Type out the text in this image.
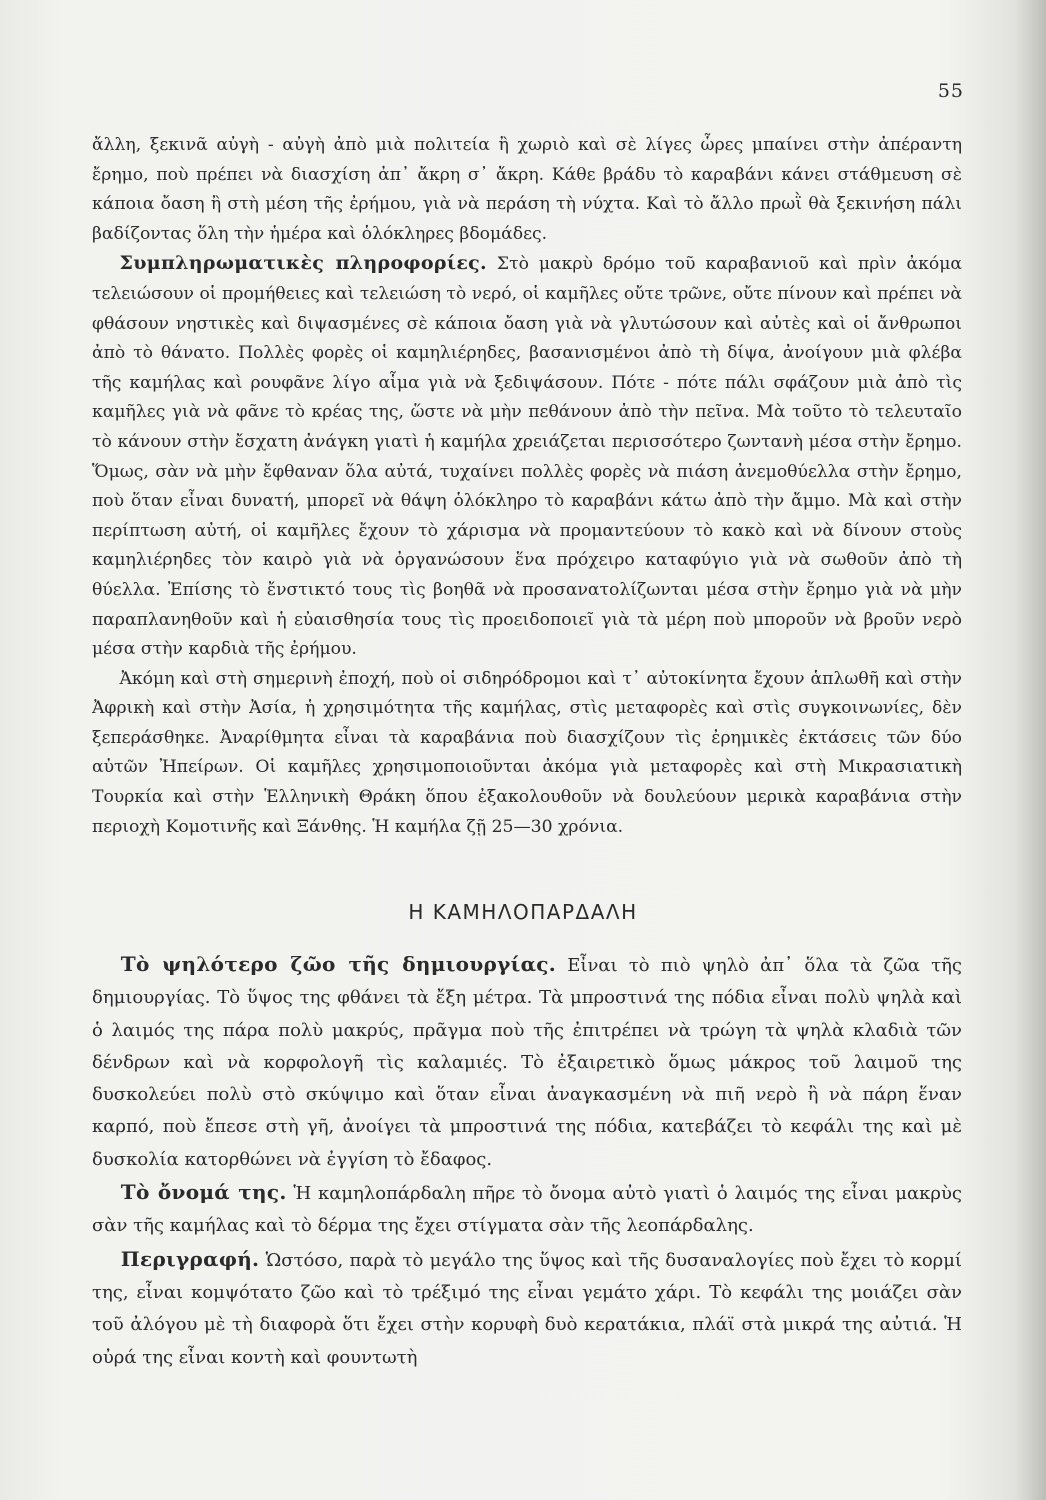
55

ἄλλη, ξεκινᾶ αὐγὴ - αὐγὴ ἀπὸ μιὰ πολιτεία ἢ χωριὸ καὶ σὲ λίγες ὧρες μπαίνει στὴν ἀπέραντη ἔρημο, ποὺ πρέπει νὰ διασχίση ἀπ᾽ ἄκρη σ᾽ ἄκρη. Κάθε βράδυ τὸ καραβάνι κάνει στάθμευση σὲ κάποια ὄαση ἢ στὴ μέση τῆς ἐρήμου, γιὰ νὰ περάση τὴ νύχτα. Καὶ τὸ ἄλλο πρωῒ θὰ ξεκινήση πάλι βαδίζοντας ὅλη τὴν ἡμέρα καὶ ὁλόκληρες βδομάδες.

Συμπληρωματικὲς πληροφορίες. Στὸ μακρὺ δρόμο τοῦ καραβανιοῦ καὶ πρὶν ἀκόμα τελειώσουν οἱ προμήθειες καὶ τελειώση τὸ νερό, οἱ καμῆλες οὔτε τρῶνε, οὔτε πίνουν καὶ πρέπει νὰ φθάσουν νηστικὲς καὶ διψασμένες σὲ κάποια ὄαση γιὰ νὰ γλυτώσουν καὶ αὐτὲς καὶ οἱ ἄνθρωποι ἀπὸ τὸ θάνατο. Πολλὲς φορὲς οἱ καμηλιέρηδες, βασανισμένοι ἀπὸ τὴ δίψα, ἀνοίγουν μιὰ φλέβα τῆς καμήλας καὶ ρουφᾶνε λίγο αἷμα γιὰ νὰ ξεδιψάσουν. Πότε - πότε πάλι σφάζουν μιὰ ἀπὸ τὶς καμῆλες γιὰ νὰ φᾶνε τὸ κρέας της, ὥστε νὰ μὴν πεθάνουν ἀπὸ τὴν πεῖνα. Μὰ τοῦτο τὸ τελευταῖο τὸ κάνουν στὴν ἔσχατη ἀνάγκη γιατὶ ἡ καμήλα χρειάζεται περισσότερο ζωντανὴ μέσα στὴν ἔρημο. Ὅμως, σὰν νὰ μὴν ἔφθαναν ὅλα αὐτά, τυχαίνει πολλὲς φορὲς νὰ πιάση ἀνεμοθύελλα στὴν ἔρημο, ποὺ ὅταν εἶναι δυνατή, μπορεῖ νὰ θάψη ὁλόκληρο τὸ καραβάνι κάτω ἀπὸ τὴν ἄμμο. Μὰ καὶ στὴν περίπτωση αὐτή, οἱ καμῆλες ἔχουν τὸ χάρισμα νὰ προμαντεύουν τὸ κακὸ καὶ νὰ δίνουν στοὺς καμηλιέρηδες τὸν καιρὸ γιὰ νὰ ὀργανώσουν ἕνα πρόχειρο καταφύγιο γιὰ νὰ σωθοῦν ἀπὸ τὴ θύελλα. Ἐπίσης τὸ ἔνστικτό τους τὶς βοηθᾶ νὰ προσανατολίζωνται μέσα στὴν ἔρημο γιὰ νὰ μὴν παραπλανηθοῦν καὶ ἡ εὐαισθησία τους τὶς προειδοποιεῖ γιὰ τὰ μέρη ποὺ μποροῦν νὰ βροῦν νερὸ μέσα στὴν καρδιὰ τῆς ἐρήμου.

Ἀκόμη καὶ στὴ σημερινὴ ἐποχή, ποὺ οἱ σιδηρόδρομοι καὶ τ᾽ αὐτοκίνητα ἔχουν ἁπλωθῆ καὶ στὴν Ἀφρικὴ καὶ στὴν Ἀσία, ἡ χρησιμότητα τῆς καμήλας, στὶς μεταφορὲς καὶ στὶς συγκοινωνίες, δὲν ξεπεράσθηκε. Ἀναρίθμητα εἶναι τὰ καραβάνια ποὺ διασχίζουν τὶς ἐρημικὲς ἐκτάσεις τῶν δύο αὐτῶν Ἠπείρων. Οἱ καμῆλες χρησιμοποιοῦνται ἀκόμα γιὰ μεταφορὲς καὶ στὴ Μικρασιατικὴ Τουρκία καὶ στὴν Ἑλληνικὴ Θράκη ὅπου ἐξακολουθοῦν νὰ δουλεύουν μερικὰ καραβάνια στὴν περιοχὴ Κομοτινῆς καὶ Ξάνθης. Ἡ καμήλα ζῇ 25—30 χρόνια.

Η ΚΑΜΗΛΟΠΑΡΔΑΛΗ

Τὸ ψηλότερο ζῶο τῆς δημιουργίας. Εἶναι τὸ πιὸ ψηλὸ ἀπ᾽ ὅλα τὰ ζῶα τῆς δημιουργίας. Τὸ ὕψος της φθάνει τὰ ἔξη μέτρα. Τὰ μπροστινά της πόδια εἶναι πολὺ ψηλὰ καὶ ὁ λαιμός της πάρα πολὺ μακρύς, πρᾶγμα ποὺ τῆς ἐπιτρέπει νὰ τρώγη τὰ ψηλὰ κλαδιὰ τῶν δένδρων καὶ νὰ κορφολογῆ τὶς καλαμιές. Τὸ ἐξαιρετικὸ ὅμως μάκρος τοῦ λαιμοῦ της δυσκολεύει πολὺ στὸ σκύψιμο καὶ ὅταν εἶναι ἀναγκασμένη νὰ πιῆ νερὸ ἢ νὰ πάρη ἕναν καρπό, ποὺ ἔπεσε στὴ γῆ, ἀνοίγει τὰ μπροστινά της πόδια, κατεβάζει τὸ κεφάλι της καὶ μὲ δυσκολία κατορθώνει νὰ ἐγγίση τὸ ἔδαφος.

Τὸ ὄνομά της. Ἡ καμηλοπάρδαλη πῆρε τὸ ὄνομα αὐτὸ γιατὶ ὁ λαιμός της εἶναι μακρὺς σὰν τῆς καμήλας καὶ τὸ δέρμα της ἔχει στίγματα σὰν τῆς λεοπάρδαλης.

Περιγραφή. Ὡστόσο, παρὰ τὸ μεγάλο της ὕψος καὶ τῆς δυσαναλογίες ποὺ ἔχει τὸ κορμί της, εἶναι κομψότατο ζῶο καὶ τὸ τρέξιμό της εἶναι γεμάτο χάρι. Τὸ κεφάλι της μοιάζει σὰν τοῦ ἀλόγου μὲ τὴ διαφορὰ ὅτι ἔχει στὴν κορυφὴ δυὸ κερατάκια, πλάϊ στὰ μικρά της αὐτιά. Ἡ οὐρά της εἶναι κοντὴ καὶ φουντωτὴ
